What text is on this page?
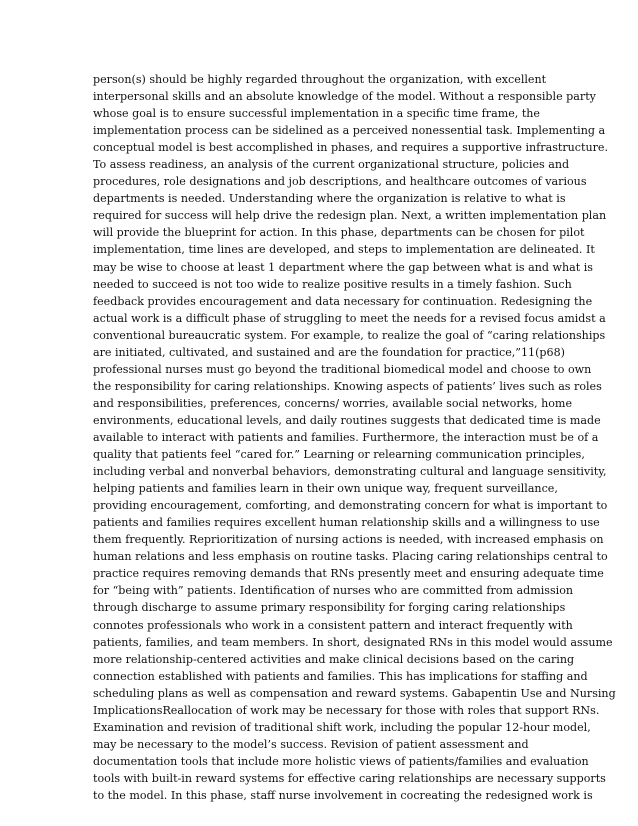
person(s) should be highly regarded throughout the organization, with excellent
interpersonal skills and an absolute knowledge of the model. Without a responsible party
whose goal is to ensure successful implementation in a specific time frame, the
implementation process can be sidelined as a perceived nonessential task. Implementing a
conceptual model is best accomplished in phases, and requires a supportive infrastructure.
To assess readiness, an analysis of the current organizational structure, policies and
procedures, role designations and job descriptions, and healthcare outcomes of various
departments is needed. Understanding where the organization is relative to what is
required for success will help drive the redesign plan. Next, a written implementation plan
will provide the blueprint for action. In this phase, departments can be chosen for pilot
implementation, time lines are developed, and steps to implementation are delineated. It
may be wise to choose at least 1 department where the gap between what is and what is
needed to succeed is not too wide to realize positive results in a timely fashion. Such
feedback provides encouragement and data necessary for continuation. Redesigning the
actual work is a difficult phase of struggling to meet the needs for a revised focus amidst a
conventional bureaucratic system. For example, to realize the goal of “caring relationships
are initiated, cultivated, and sustained and are the foundation for practice,”11(p68)
professional nurses must go beyond the traditional biomedical model and choose to own
the responsibility for caring relationships. Knowing aspects of patients’ lives such as roles
and responsibilities, preferences, concerns/ worries, available social networks, home
environments, educational levels, and daily routines suggests that dedicated time is made
available to interact with patients and families. Furthermore, the interaction must be of a
quality that patients feel “cared for.” Learning or relearning communication principles,
including verbal and nonverbal behaviors, demonstrating cultural and language sensitivity,
helping patients and families learn in their own unique way, frequent surveillance,
providing encouragement, comforting, and demonstrating concern for what is important to
patients and families requires excellent human relationship skills and a willingness to use
them frequently. Reprioritization of nursing actions is needed, with increased emphasis on
human relations and less emphasis on routine tasks. Placing caring relationships central to
practice requires removing demands that RNs presently meet and ensuring adequate time
for “being with” patients. Identification of nurses who are committed from admission
through discharge to assume primary responsibility for forging caring relationships
connotes professionals who work in a consistent pattern and interact frequently with
patients, families, and team members. In short, designated RNs in this model would assume
more relationship-centered activities and make clinical decisions based on the caring
connection established with patients and families. This has implications for staffing and
scheduling plans as well as compensation and reward systems. Gabapentin Use and Nursing
ImplicationsReallocation of work may be necessary for those with roles that support RNs.
Examination and revision of traditional shift work, including the popular 12-hour model,
may be necessary to the model’s success. Revision of patient assessment and
documentation tools that include more holistic views of patients/families and evaluation
tools with built-in reward systems for effective caring relationships are necessary supports
to the model. In this phase, staff nurse involvement in cocreating the redesigned work is
